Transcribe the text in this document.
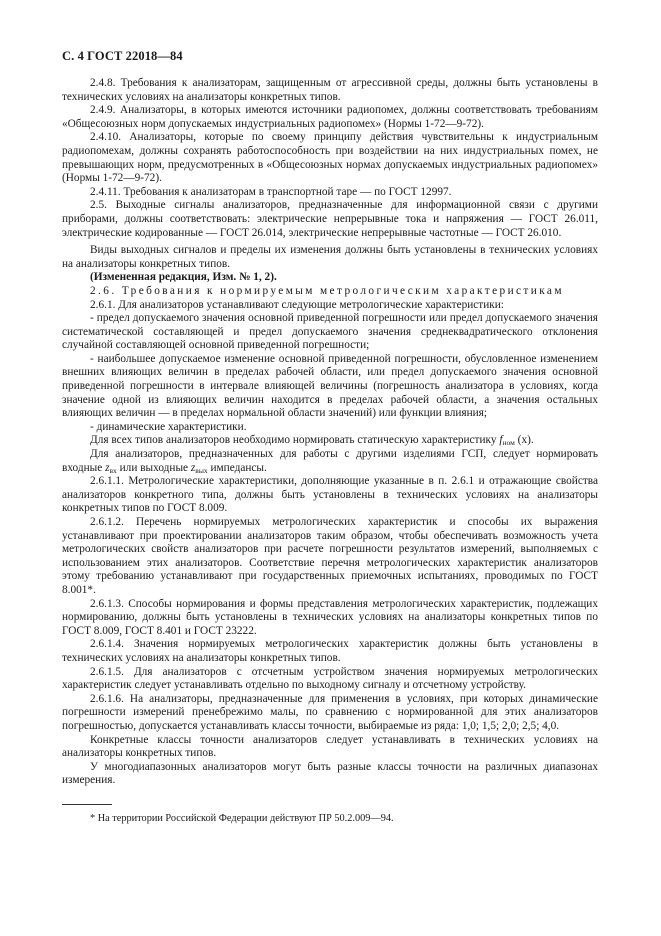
С. 4 ГОСТ 22018—84

2.4.8. Требования к анализаторам, защищенным от агрессивной среды, должны быть установлены в технических условиях на анализаторы конкретных типов.

2.4.9. Анализаторы, в которых имеются источники радиопомех, должны соответствовать требованиям «Общесоюзных норм допускаемых индустриальных радиопомех» (Нормы 1-72—9-72).

2.4.10. Анализаторы, которые по своему принципу действия чувствительны к индустриальным радиопомехам, должны сохранять работоспособность при воздействии на них индустриальных помех, не превышающих норм, предусмотренных в «Общесоюзных нормах допускаемых индустриальных радиопомех» (Нормы 1-72—9-72).

2.4.11. Требования к анализаторам в транспортной таре — по ГОСТ 12997.

2.5. Выходные сигналы анализаторов, предназначенные для информационной связи с другими приборами, должны соответствовать: электрические непрерывные тока и напряжения — ГОСТ 26.011, электрические кодированные — ГОСТ 26.014, электрические непрерывные частотные — ГОСТ 26.010.

Виды выходных сигналов и пределы их изменения должны быть установлены в технических условиях на анализаторы конкретных типов.

(Измененная редакция, Изм. № 1, 2).

2.6. Требования к нормируемым метрологическим характеристикам

2.6.1. Для анализаторов устанавливают следующие метрологические характеристики:

- предел допускаемого значения основной приведенной погрешности или предел допускаемого значения систематической составляющей и предел допускаемого значения среднеквадратического отклонения случайной составляющей основной приведенной погрешности;

- наибольшее допускаемое изменение основной приведенной погрешности, обусловленное изменением внешних влияющих величин в пределах рабочей области, или предел допускаемого значения основной приведенной погрешности в интервале влияющей величины (погрешность анализатора в условиях, когда значение одной из влияющих величин находится в пределах рабочей области, а значения остальных влияющих величин — в пределах нормальной области значений) или функции влияния;

- динамические характеристики.

Для всех типов анализаторов необходимо нормировать статическую характеристику $f_{ном}$ (x).

Для анализаторов, предназначенных для работы с другими изделиями ГСП, следует нормировать входные $z_{вх}$ или выходные $z_{вых}$ импедансы.

2.6.1.1. Метрологические характеристики, дополняющие указанные в п. 2.6.1 и отражающие свойства анализаторов конкретного типа, должны быть установлены в технических условиях на анализаторы конкретных типов по ГОСТ 8.009.

2.6.1.2. Перечень нормируемых метрологических характеристик и способы их выражения устанавливают при проектировании анализаторов таким образом, чтобы обеспечивать возможность учета метрологических свойств анализаторов при расчете погрешности результатов измерений, выполняемых с использованием этих анализаторов. Соответствие перечня метрологических характеристик анализаторов этому требованию устанавливают при государственных приемочных испытаниях, проводимых по ГОСТ 8.001*.

2.6.1.3. Способы нормирования и формы представления метрологических характеристик, подлежащих нормированию, должны быть установлены в технических условиях на анализаторы конкретных типов по ГОСТ 8.009, ГОСТ 8.401 и ГОСТ 23222.

2.6.1.4. Значения нормируемых метрологических характеристик должны быть установлены в технических условиях на анализаторы конкретных типов.

2.6.1.5. Для анализаторов с отсчетным устройством значения нормируемых метрологических характеристик следует устанавливать отдельно по выходному сигналу и отсчетному устройству.

2.6.1.6. На анализаторы, предназначенные для применения в условиях, при которых динамические погрешности измерений пренебрежимо малы, по сравнению с нормированной для этих анализаторов погрешностью, допускается устанавливать классы точности, выбираемые из ряда: 1,0; 1,5; 2,0; 2,5; 4,0.

Конкретные классы точности анализаторов следует устанавливать в технических условиях на анализаторы конкретных типов.

У многодиапазонных анализаторов могут быть разные классы точности на различных диапазонах измерения.

* На территории Российской Федерации действуют ПР 50.2.009—94.
